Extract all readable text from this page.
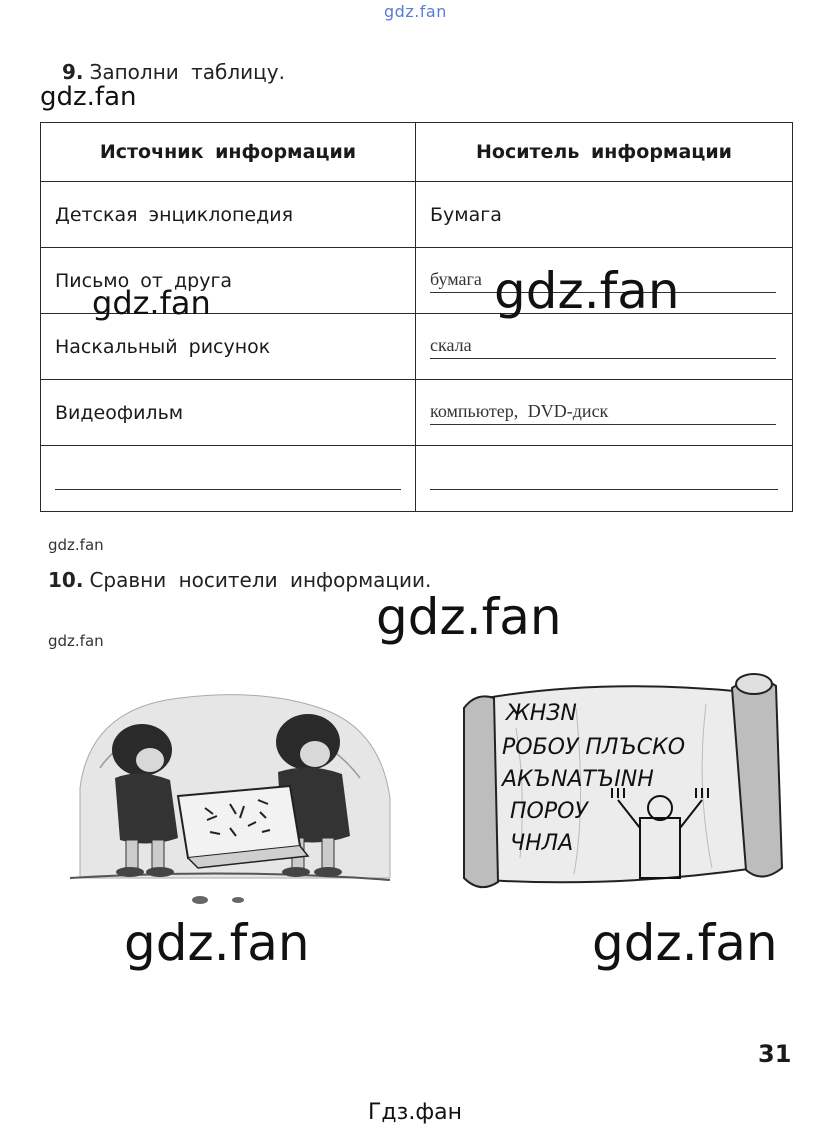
gdz.fan
gdz.fan
9. Заполни таблицу.
Источник информации	Носитель информации
Детская энциклопедия	Бумага
Письмо от друга	бумага

Наскальный рисунок	скала

Видеофильм	компьютер, DVD-диск

gdz.fan	gdz.fan
gdz.fan
10. Сравни носители информации.
gdz.fan
gdz.fan
ЖНЗN
РОБОУ ПЛЪСКО
АКЪNАТЪINН
ПОРОУ
ЧНЛА
gdz.fan	gdz.fan
31
Гдз.фан
